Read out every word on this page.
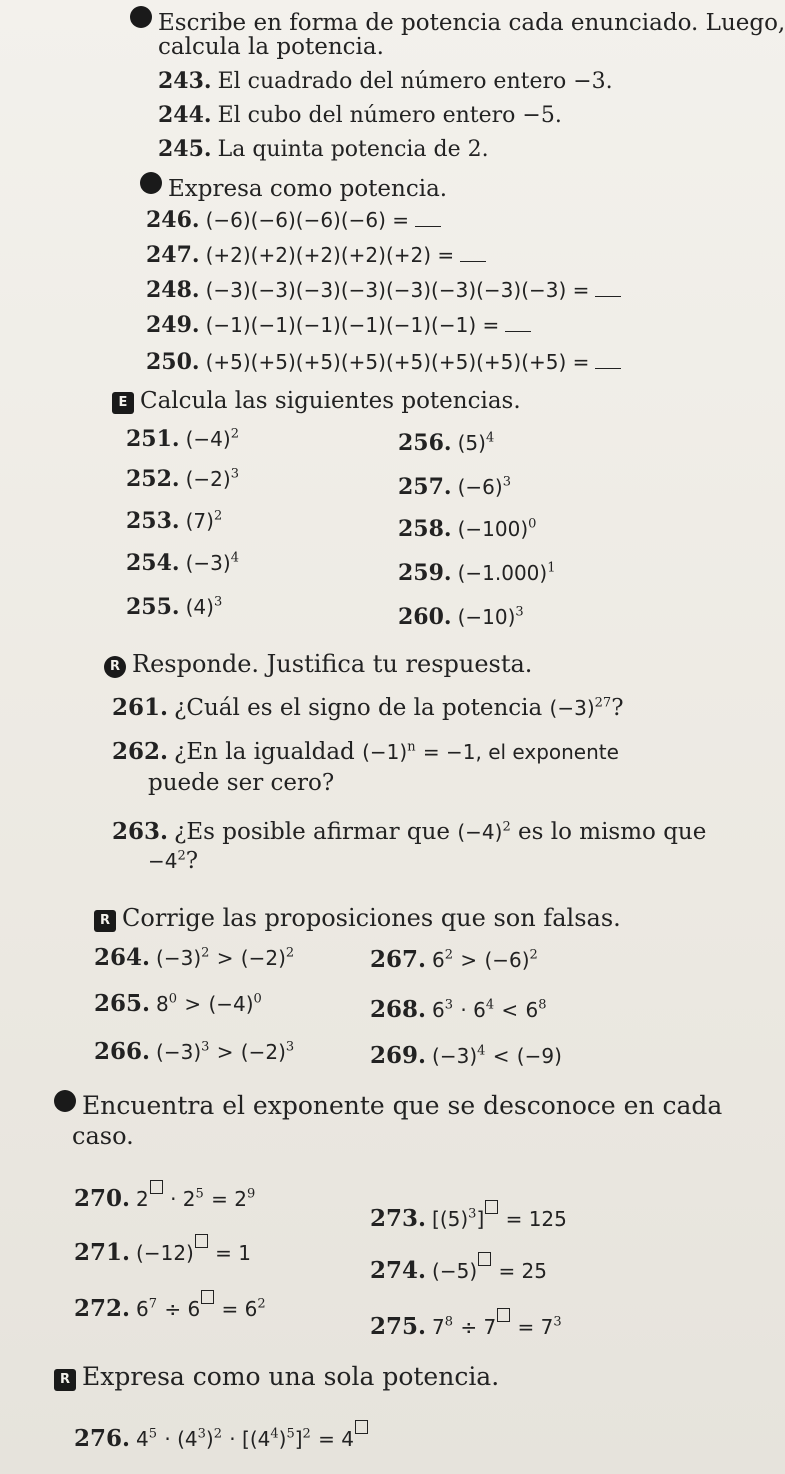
Escribe en forma de potencia cada enunciado. Luego,
calcula la potencia.
243. El cuadrado del número entero −3.
244. El cubo del número entero −5.
245. La quinta potencia de 2.
Expresa como potencia.
246. (−6)(−6)(−6)(−6) =
247. (+2)(+2)(+2)(+2)(+2) =
248. (−3)(−3)(−3)(−3)(−3)(−3)(−3)(−3) =
249. (−1)(−1)(−1)(−1)(−1)(−1) =
250. (+5)(+5)(+5)(+5)(+5)(+5)(+5)(+5) =
E Calcula las siguientes potencias.
251. $(-4)^2$
252. $(-2)^3$
253. $(7)^2$
254. $(-3)^4$
255. $(4)^3$
256. $(5)^4$
257. $(-6)^3$
258. $(-100)^0$
259. $(-1.000)^1$
260. $(-10)^3$
R Responde. Justifica tu respuesta.
261. ¿Cuál es el signo de la potencia $(-3)^{27}$?
262. ¿En la igualdad $(-1)^n = -1$, el exponente
puede ser cero?
263. ¿Es posible afirmar que $(-4)^2$ es lo mismo que
$-4^2$?
R Corrige las proposiciones que son falsas.
264. $(-3)^2 > (-2)^2$
265. $8^0 > (-4)^0$
266. $(-3)^3 > (-2)^3$
267. $6^2 > (-6)^2$
268. $6^3 \cdot 6^4 < 6^8$
269. $(-3)^4 < (-9)$
Encuentra el exponente que se desconoce en cada
caso.
270. $2 \cdot 2^5 = 2^9$
271. (−12) = 1
272. $6^7 \div 6 = 6^2$
273. $[(5)^3] = 125$
274. (−5) = 25
275. $7^8 \div 7 = 7^3$
R Expresa como una sola potencia.
276. $4^5 \cdot (4^3)^2 \cdot [(4^4)^5]^2 = 4$
